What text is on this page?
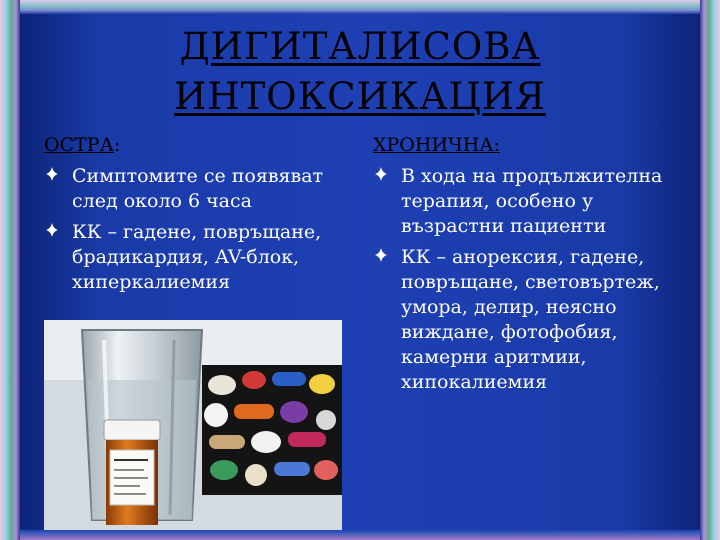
ДИГИТАЛИСОВА
ИНТОКСИКАЦИЯ
ОСТРА:
Симптомите се появяват след около 6 часа
КК – гадене, повръщане, брадикардия, AV-блок, хиперкалиемия
ХРОНИЧНА:
В хода на продължителна терапия, особено у възрастни пациенти
КК – анорексия, гадене, повръщане, световъртеж, умора, делир, неясно виждане, фотофобия, камерни аритмии, хипокалиемия
